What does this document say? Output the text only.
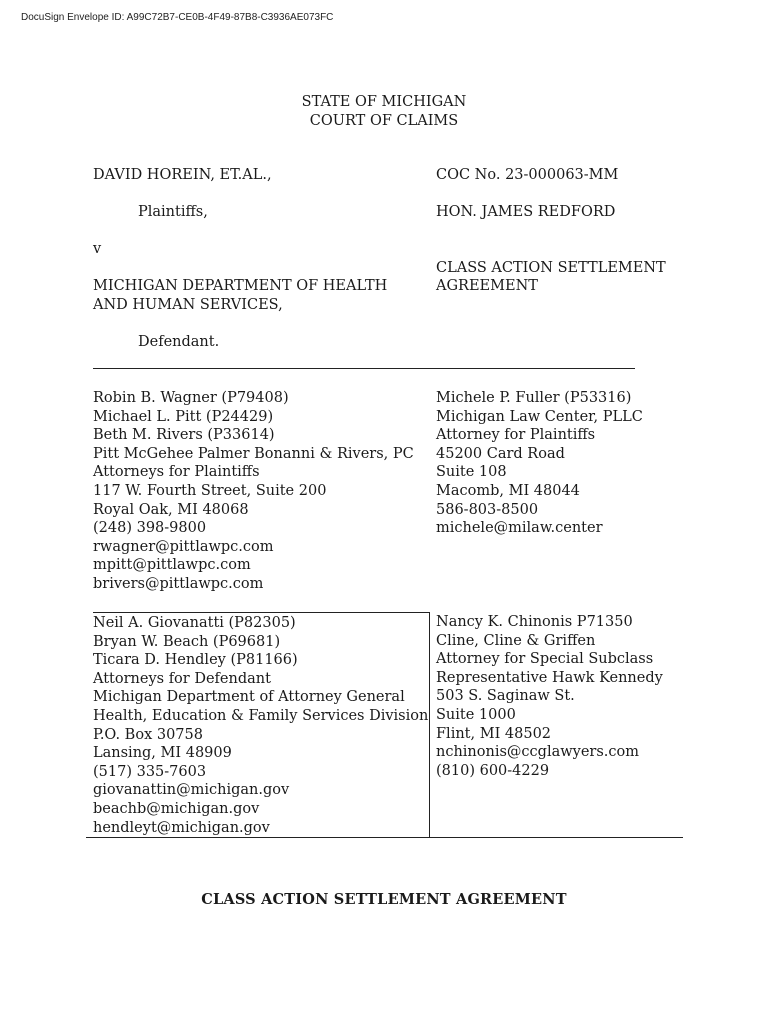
DocuSign Envelope ID: A99C72B7-CE0B-4F49-87B8-C3936AE073FC
STATE OF MICHIGAN
COURT OF CLAIMS
DAVID HOREIN, ET.AL.,
Plaintiffs,
v
MICHIGAN DEPARTMENT OF HEALTH
AND HUMAN SERVICES,
Defendant.
COC No. 23-000063-MM
HON. JAMES REDFORD
CLASS ACTION SETTLEMENT
AGREEMENT
Robin B. Wagner (P79408)
Michael L. Pitt (P24429)
Beth M. Rivers (P33614)
Pitt McGehee Palmer Bonanni & Rivers, PC
Attorneys for Plaintiffs
117 W. Fourth Street, Suite 200
Royal Oak, MI 48068
(248) 398-9800
rwagner@pittlawpc.com
mpitt@pittlawpc.com
brivers@pittlawpc.com
Michele P. Fuller (P53316)
Michigan Law Center, PLLC
Attorney for Plaintiffs
45200 Card Road
Suite 108
Macomb, MI 48044
586-803-8500
michele@milaw.center
Neil A. Giovanatti (P82305)
Bryan W. Beach (P69681)
Ticara D. Hendley (P81166)
Attorneys for Defendant
Michigan Department of Attorney General
Health, Education & Family Services Division
P.O. Box 30758
Lansing, MI 48909
(517) 335-7603
giovanattin@michigan.gov
beachb@michigan.gov
hendleyt@michigan.gov
Nancy K. Chinonis P71350
Cline, Cline & Griffen
Attorney for Special Subclass
Representative Hawk Kennedy
503 S. Saginaw St.
Suite 1000
Flint, MI 48502
nchinonis@ccglawyers.com
(810) 600-4229
CLASS ACTION SETTLEMENT AGREEMENT
